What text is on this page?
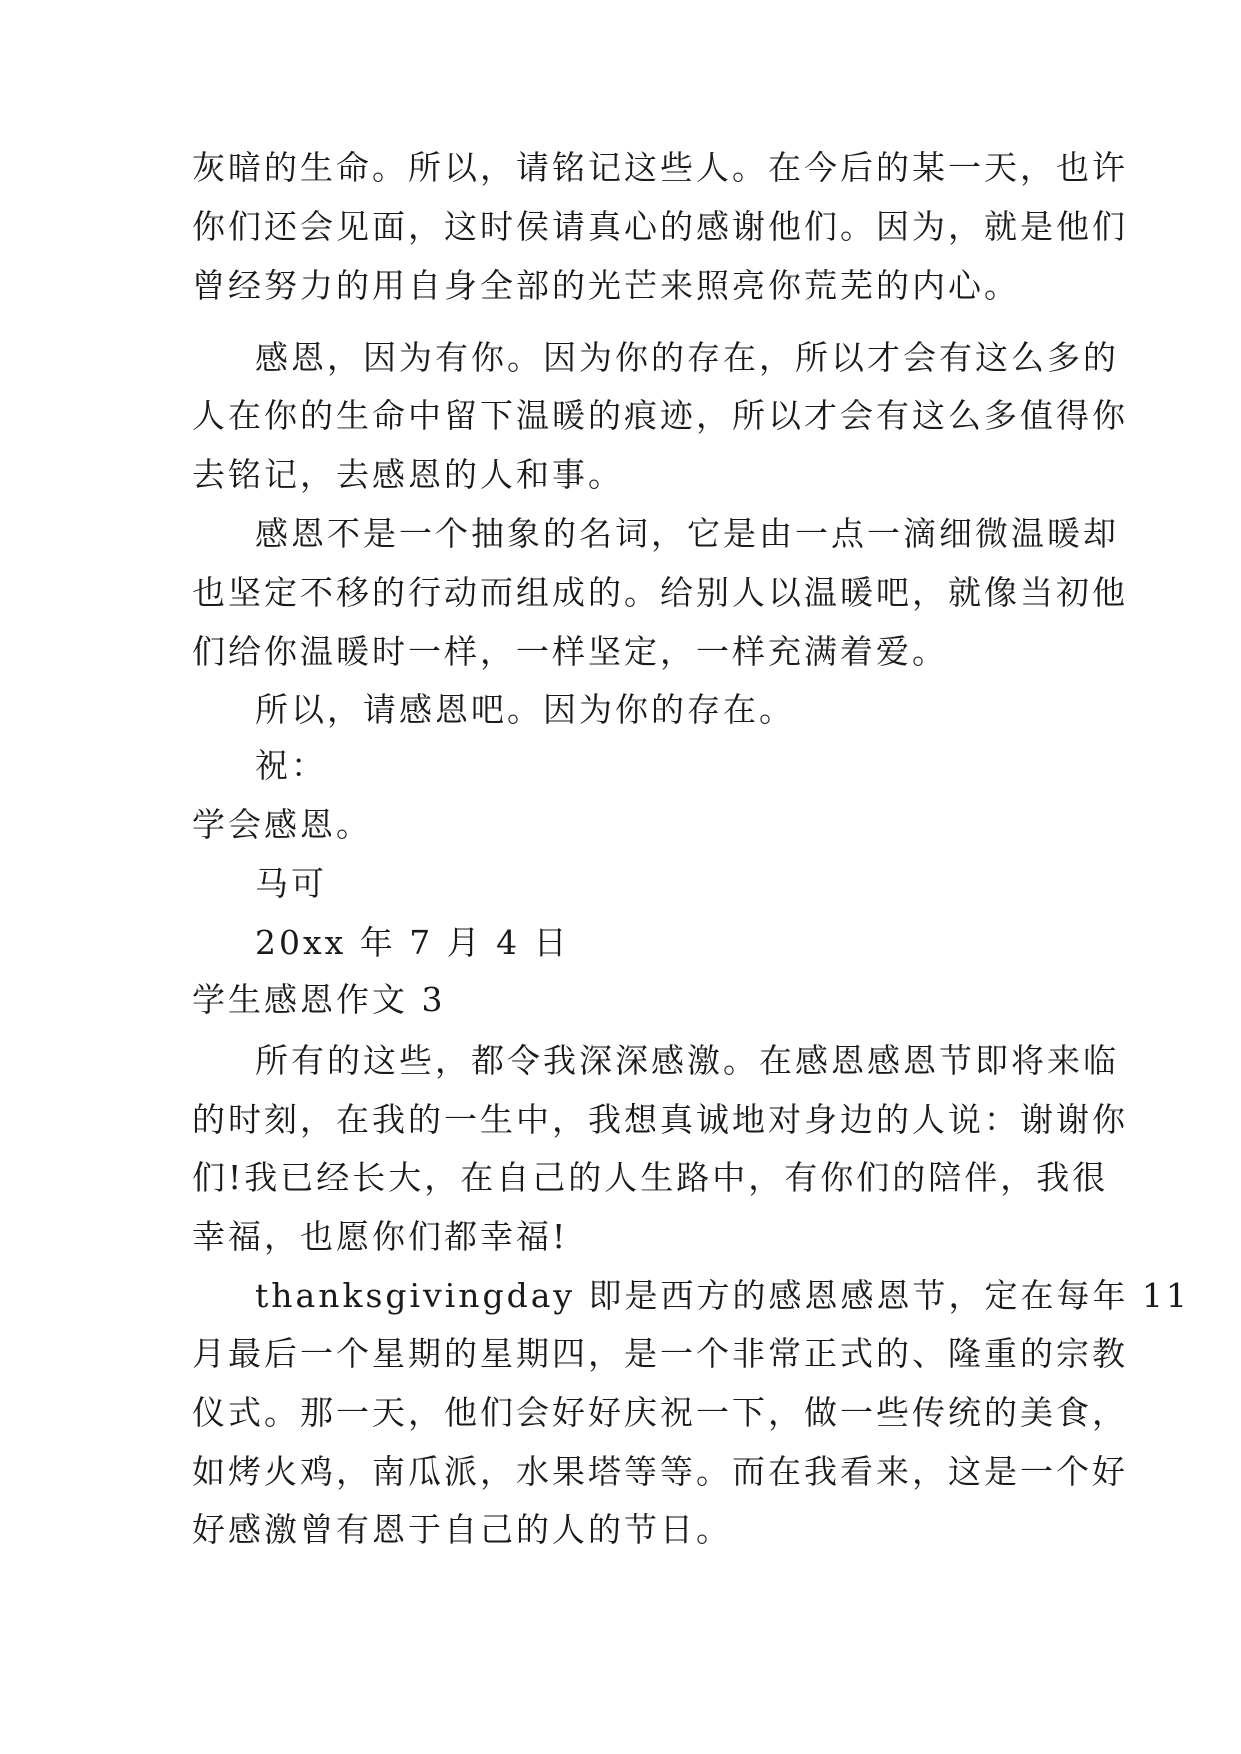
灰暗的生命。所以，请铭记这些人。在今后的某一天，也许
你们还会见面，这时侯请真心的感谢他们。因为，就是他们
曾经努力的用自身全部的光芒来照亮你荒芜的内心。
感恩，因为有你。因为你的存在，所以才会有这么多的
人在你的生命中留下温暖的痕迹，所以才会有这么多值得你
去铭记，去感恩的人和事。
感恩不是一个抽象的名词，它是由一点一滴细微温暖却
也坚定不移的行动而组成的。给别人以温暖吧，就像当初他
们给你温暖时一样，一样坚定，一样充满着爱。
所以，请感恩吧。因为你的存在。
祝：
学会感恩。
马可
20xx 年 7 月 4 日
学生感恩作文 3
所有的这些，都令我深深感激。在感恩感恩节即将来临
的时刻，在我的一生中，我想真诚地对身边的人说：谢谢你
们!我已经长大，在自己的人生路中，有你们的陪伴，我很
幸福，也愿你们都幸福!
thanksgivingday 即是西方的感恩感恩节，定在每年 11
月最后一个星期的星期四，是一个非常正式的、隆重的宗教
仪式。那一天，他们会好好庆祝一下，做一些传统的美食，
如烤火鸡，南瓜派，水果塔等等。而在我看来，这是一个好
好感激曾有恩于自己的人的节日。
